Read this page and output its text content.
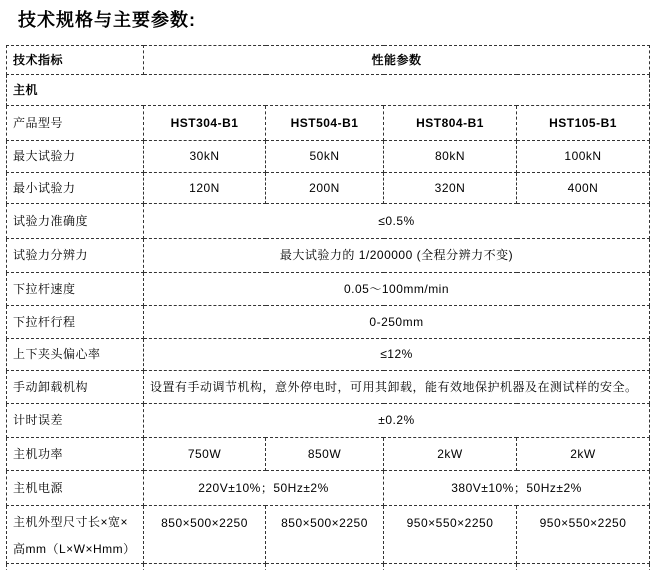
技术规格与主要参数:
技术指标	性能参数			
主机				
产品型号	HST304-B1	HST504-B1	HST804-B1	HST105-B1
最大试验力	30kN	50kN	80kN	100kN
最小试验力	120N	200N	320N	400N
试验力准确度	≤0.5%			
试验力分辨力	最大试验力的 1/200000 (全程分辨力不变)			
下拉杆速度	0.05～100mm/min			
下拉杆行程	0-250mm			
上下夹头偏心率	≤12%			
手动卸载机构	设置有手动调节机构，意外停电时，可用其卸载，能有效地保护机器及在测试样的安全。			
计时误差	±0.2%			
主机功率	750W	850W	2kW	2kW
主机电源	220V±10%；50Hz±2%		380V±10%；50Hz±2%	

主机外型尺寸长×宽×
高mm（L×W×Hmm）	850×500×2250	850×500×2250	950×550×2250	950×550×2250
